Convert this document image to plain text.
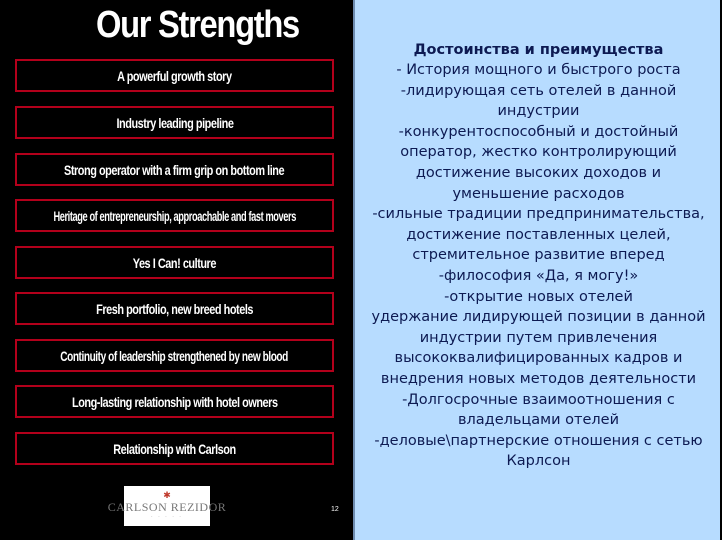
Our Strengths
A powerful growth story
Industry leading pipeline
Strong operator with a firm grip on bottom line
Heritage of entrepreneurship, approachable and fast movers
Yes I Can! culture
Fresh portfolio, new breed hotels
Continuity of leadership strengthened by new blood
Long-lasting relationship with hotel owners
Relationship with Carlson
✱
CARLSON REZIDOR
· · · · ·
12
Достоинства и преимущества
- История мощного и быстрого роста
-лидирующая сеть отелей в данной
индустрии
-конкурентоспособный и достойный
оператор, жестко контролирующий
достижение высоких доходов и
уменьшение расходов
-сильные традиции предпринимательства,
достижение поставленных целей,
стремительное развитие вперед
-философия «Да, я могу!»
-открытие новых отелей
удержание лидирующей позиции в данной
индустрии путем привлечения
высококвалифицированных кадров и
внедрения новых методов деятельности
-Долгосрочные взаимоотношения с
владельцами отелей
-деловые\партнерские отношения с сетью
Карлсон
